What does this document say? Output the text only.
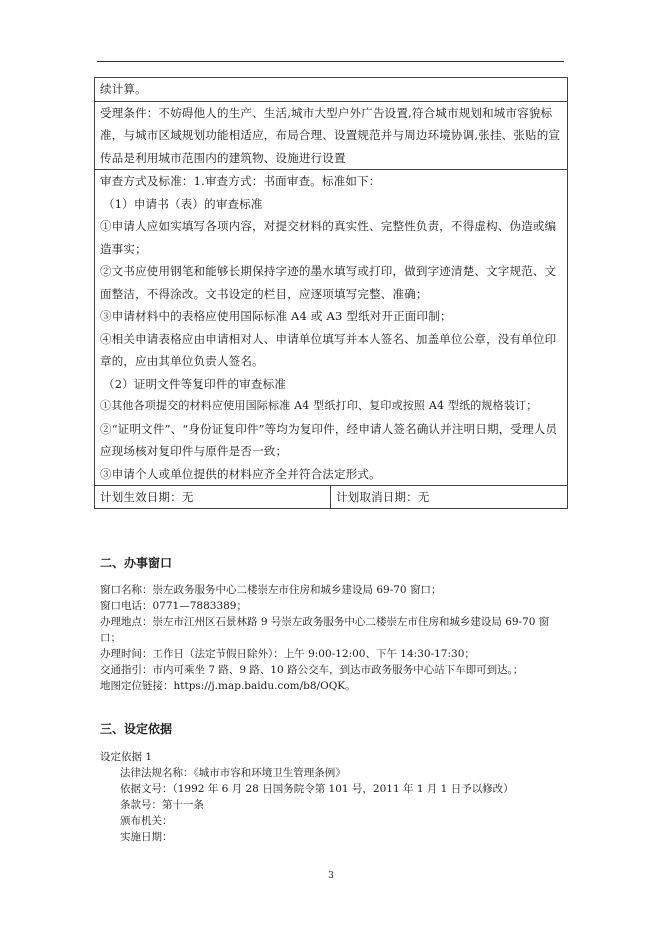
续计算。
受理条件：不妨碍他人的生产、生活,城市大型户外广告设置,符合城市规划和城市容貌标准，与城市区域规划功能相适应，布局合理、设置规范并与周边环境协调,张挂、张贴的宣传品是利用城市范围内的建筑物、设施进行设置
审查方式及标准：1.审查方式：书面审查。标准如下：
（1）申请书（表）的审查标准
①申请人应如实填写各项内容，对提交材料的真实性、完整性负责，不得虚构、伪造或编造事实；
②文书应使用钢笔和能够长期保持字迹的墨水填写或打印，做到字迹清楚、文字规范、文面整洁，不得涂改。文书设定的栏目，应逐项填写完整、准确；
③申请材料中的表格应使用国际标准 A4 或 A3 型纸对开正面印制；
④相关申请表格应由申请相对人、申请单位填写并本人签名、加盖单位公章，没有单位印章的，应由其单位负责人签名。
（2）证明文件等复印件的审查标准
①其他各项提交的材料应使用国际标准 A4 型纸打印、复印或按照 A4 型纸的规格装订；
②“证明文件”、“身份证复印件”等均为复印件，经申请人签名确认并注明日期，受理人员应现场核对复印件与原件是否一致；
③申请个人或单位提供的材料应齐全并符合法定形式。
计划生效日期：无	计划取消日期：无
二、办事窗口
窗口名称：崇左政务服务中心二楼崇左市住房和城乡建设局 69-70 窗口；
窗口电话：0771—7883389；
办理地点：崇左市江州区石景林路 9 号崇左政务服务中心二楼崇左市住房和城乡建设局 69-70 窗口；
办理时间：工作日（法定节假日除外）：上午 9:00-12:00、下午 14:30-17:30；
交通指引：市内可乘坐 7 路、9 路、10 路公交车，到达市政务服务中心站下车即可到达。；
地图定位链接：https://j.map.baidu.com/b8/OQK。
三、设定依据
设定依据 1
法律法规名称：《城市市容和环境卫生管理条例》
依据文号：（1992 年 6 月 28 日国务院令第 101 号，2011 年 1 月 1 日予以修改）
条款号：第十一条
颁布机关：
实施日期：
3
